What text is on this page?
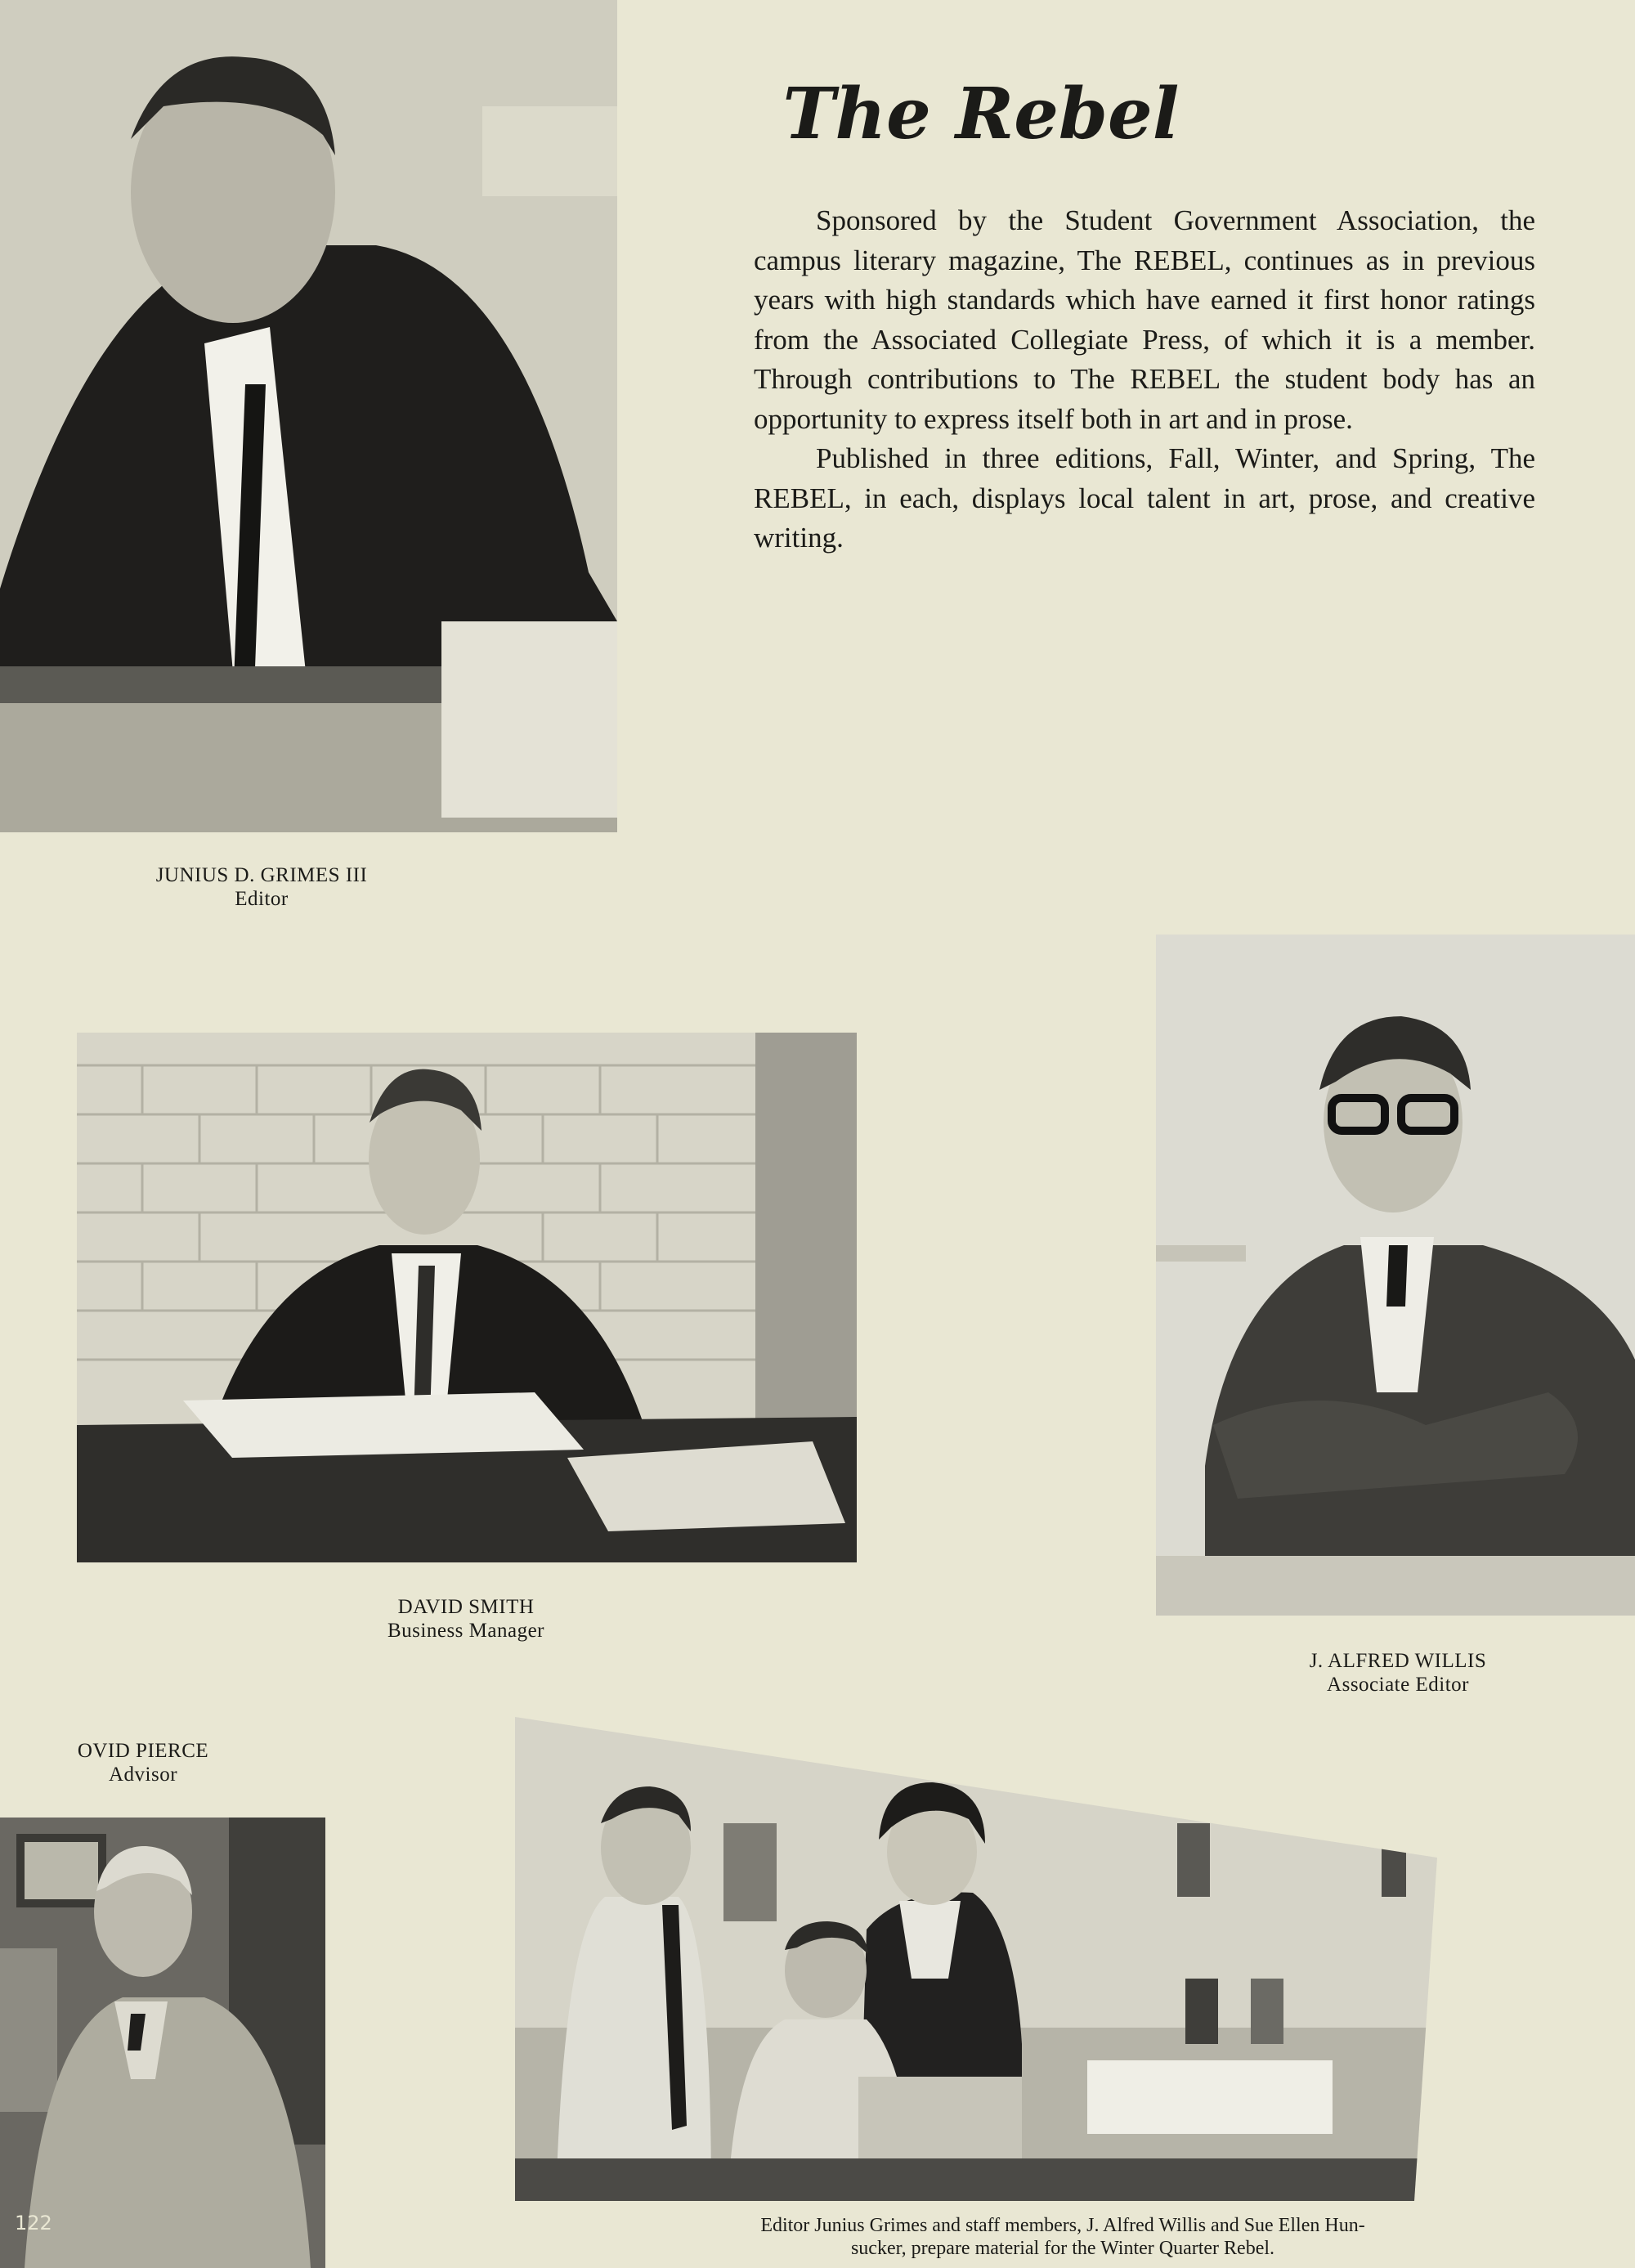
The Rebel

Sponsored by the Student Government Association, the campus literary magazine, The REBEL, continues as in previous years with high standards which have earned it first honor ratings from the Associated Collegiate Press, of which it is a member. Through contributions to The REBEL the student body has an opportunity to express itself both in art and in prose.

Published in three editions, Fall, Winter, and Spring, The REBEL, in each, displays local talent in art, prose, and creative writing.

JUNIUS D. GRIMES III
Editor
DAVID SMITH
Business Manager
J. ALFRED WILLIS
Associate Editor
OVID PIERCE
Advisor
122	Editor Junius Grimes and staff members, J. Alfred Willis and Sue Ellen Hun-
sucker, prepare material for the Winter Quarter Rebel.
